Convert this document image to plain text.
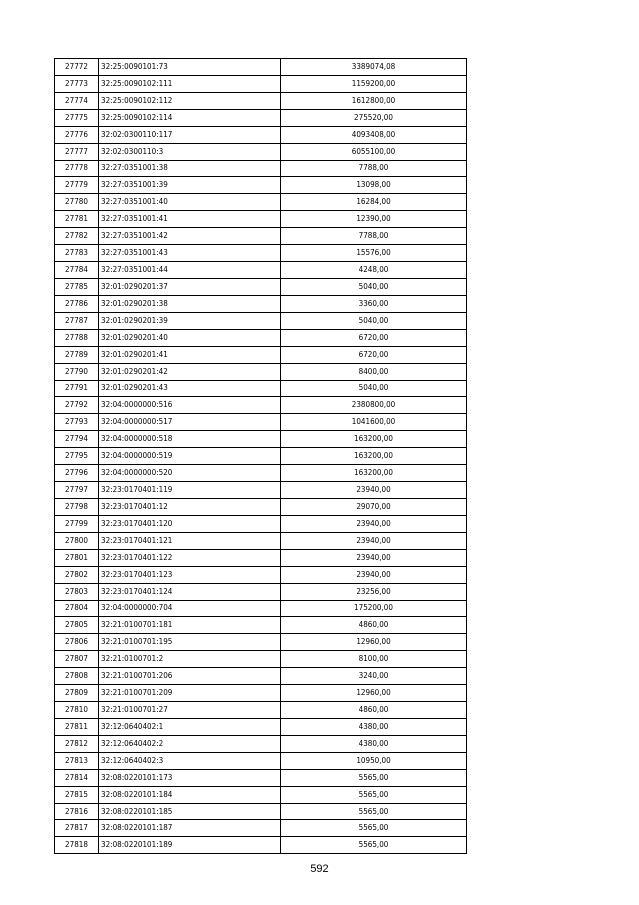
27772	32:25:0090101:73	3389074,08
27773	32:25:0090102:111	1159200,00
27774	32:25:0090102:112	1612800,00
27775	32:25:0090102:114	275520,00
27776	32:02:0300110:117	4093408,00
27777	32:02:0300110:3	6055100,00
27778	32:27:0351001:38	7788,00
27779	32:27:0351001:39	13098,00
27780	32:27:0351001:40	16284,00
27781	32:27:0351001:41	12390,00
27782	32:27:0351001:42	7788,00
27783	32:27:0351001:43	15576,00
27784	32:27:0351001:44	4248,00
27785	32:01:0290201:37	5040,00
27786	32:01:0290201:38	3360,00
27787	32:01:0290201:39	5040,00
27788	32:01:0290201:40	6720,00
27789	32:01:0290201:41	6720,00
27790	32:01:0290201:42	8400,00
27791	32:01:0290201:43	5040,00
27792	32:04:0000000:516	2380800,00
27793	32:04:0000000:517	1041600,00
27794	32:04:0000000:518	163200,00
27795	32:04:0000000:519	163200,00
27796	32:04:0000000:520	163200,00
27797	32:23:0170401:119	23940,00
27798	32:23:0170401:12	29070,00
27799	32:23:0170401:120	23940,00
27800	32:23:0170401:121	23940,00
27801	32:23:0170401:122	23940,00
27802	32:23:0170401:123	23940,00
27803	32:23:0170401:124	23256,00
27804	32:04:0000000:704	175200,00
27805	32:21:0100701:181	4860,00
27806	32:21:0100701:195	12960,00
27807	32:21:0100701:2	8100,00
27808	32:21:0100701:206	3240,00
27809	32:21:0100701:209	12960,00
27810	32:21:0100701:27	4860,00
27811	32:12:0640402:1	4380,00
27812	32:12:0640402:2	4380,00
27813	32:12:0640402:3	10950,00
27814	32:08:0220101:173	5565,00
27815	32:08:0220101:184	5565,00
27816	32:08:0220101:185	5565,00
27817	32:08:0220101:187	5565,00
27818	32:08:0220101:189	5565,00
592
